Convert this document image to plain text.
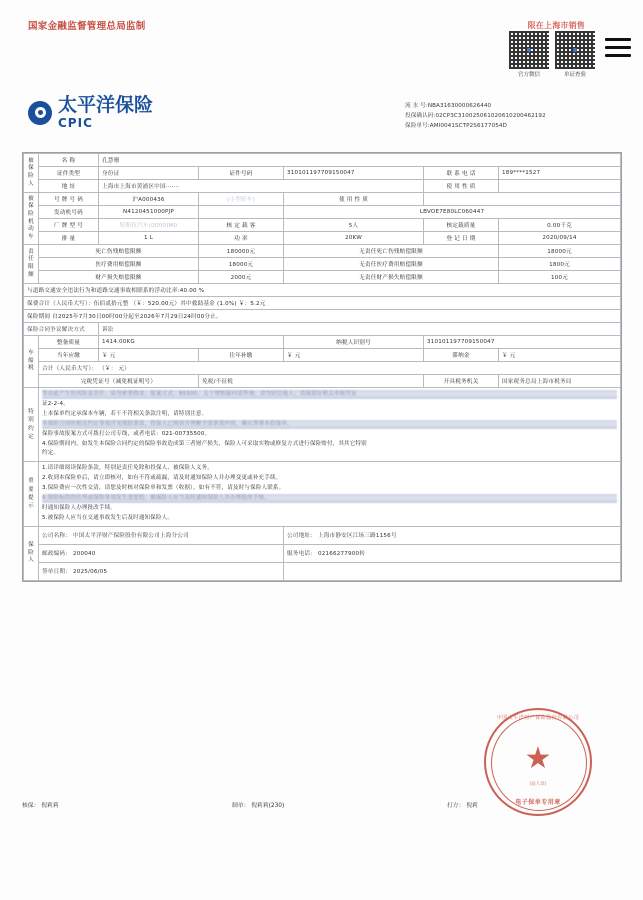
国家金融监督管理总局监制	限在上海市销售
官方微信	单证查验
太平洋保险
CPIC
流 水 号:NBA31630000626440
投保确认码:02CP3C310025061020610200462192
保险单号:AMI0041SCTP2S6177054D
被
保
险
人	名 称	孔慧珊				
	证件类型	身份证	证件号码	310101197709150047	联 系 电 话	189****1527
	地 址	上海市上海市黄浦区中国·······			使 用 性 质	

被
保
险
机
动
车
	号 牌 号 码	沪A000436	(小型轿车)	使 用 性 质	
	发动机号码	N4120451000PJP		LBVOE7E80LC060447		
	厂 牌 型 号	特斯拉汽车(0000)M0	核 定 载 客	5人	核定载质量	0.00千克
	排 量	1 L	功 率	20KW	登 记 日 期	2020/09/14

责
任
限
额	死亡伤残赔偿限额		180000元	无责任死亡伤残赔偿限额		18000元
	医疗费用赔偿限额		18000元	无责任医疗费用赔偿限额		1800元
	财产损失赔偿限额		2000元	无责任财产损失赔偿限额		100元
与道路交通安全违法行为和道路交通事故相联系的浮动比率:40.00 %						
保费合计（人民币大写）：伍佰贰拾元整 （￥：520.00元）其中救助基金 (1.0%) ￥：5.2元						
保险期间 自2025年7月30日00时00分起至2026年7月29日24时00分止。						
保险合同争议解决方式		诉讼				

车
船
税	整备质量	1414.00KG		纳税人识别号	310101197709150047	
	当年应缴	￥ 元	往年补缴	￥ 元	滞纳金	￥ 元
	合计（人民币大写）： （￥： 元）					
	完税凭证号（减免税证明号）		免税/不征税		开具税务机关	国家税务总局上海市税务局
特 别 约 定	

等由此产生的风险及责任；请勿索要佣金；报案方式：95500；关于理赔疑问请咨询；请勿轻信他人；请保留好相关单据凭证

证2-2-4。

上本保单约定承保本车辆，若干不符相关条款注明，请特别注意。

本保险合同的相关约定事项详见保险条款，投保人已阅读并理解全部条款内容，确认签署本投保单。

保险事故报案方式可拨打公司专线，或者电话：021-00735500。

4.保险期间内，如发生本保险合同约定的保险事故造成第三者财产损失，保险人可采取实物或修复方式进行保险赔付，其其它特别

约定。

重 要 提 示	

1.请详细阅读保险条款，特别是责任免除和投保人、被保险人义务。

2.收到本保险单后，请立即核对，如有不符或疏漏，请及时通知保险人并办理变更或补充手续。

3.保险费应一次性交清，请您及时核对保险单和发票（收据），如有不符，请及时与保险人联系。

4.保险标的的住所或保险事项发生变更的，被保险人应当及时通知保险人并办理批改手续。

时通知保险人办理批改手续。

5.被保险人应当在交通事故发生后及时通知保险人。

保
险
人	公司名称： 中国太平洋财产保险股份有限公司上海分公司			公司地址： 上海市静安区江场三路1156号		
	邮政编码： 200040			服务电话： 02166277900转		
	签单日期： 2025/06/05					
中国太平洋财产保险股份有限公司
★
(法人章)
电子保单专用章
核保： 倪莉莉	制单： 倪莉莉(230)	打方： 倪莉
